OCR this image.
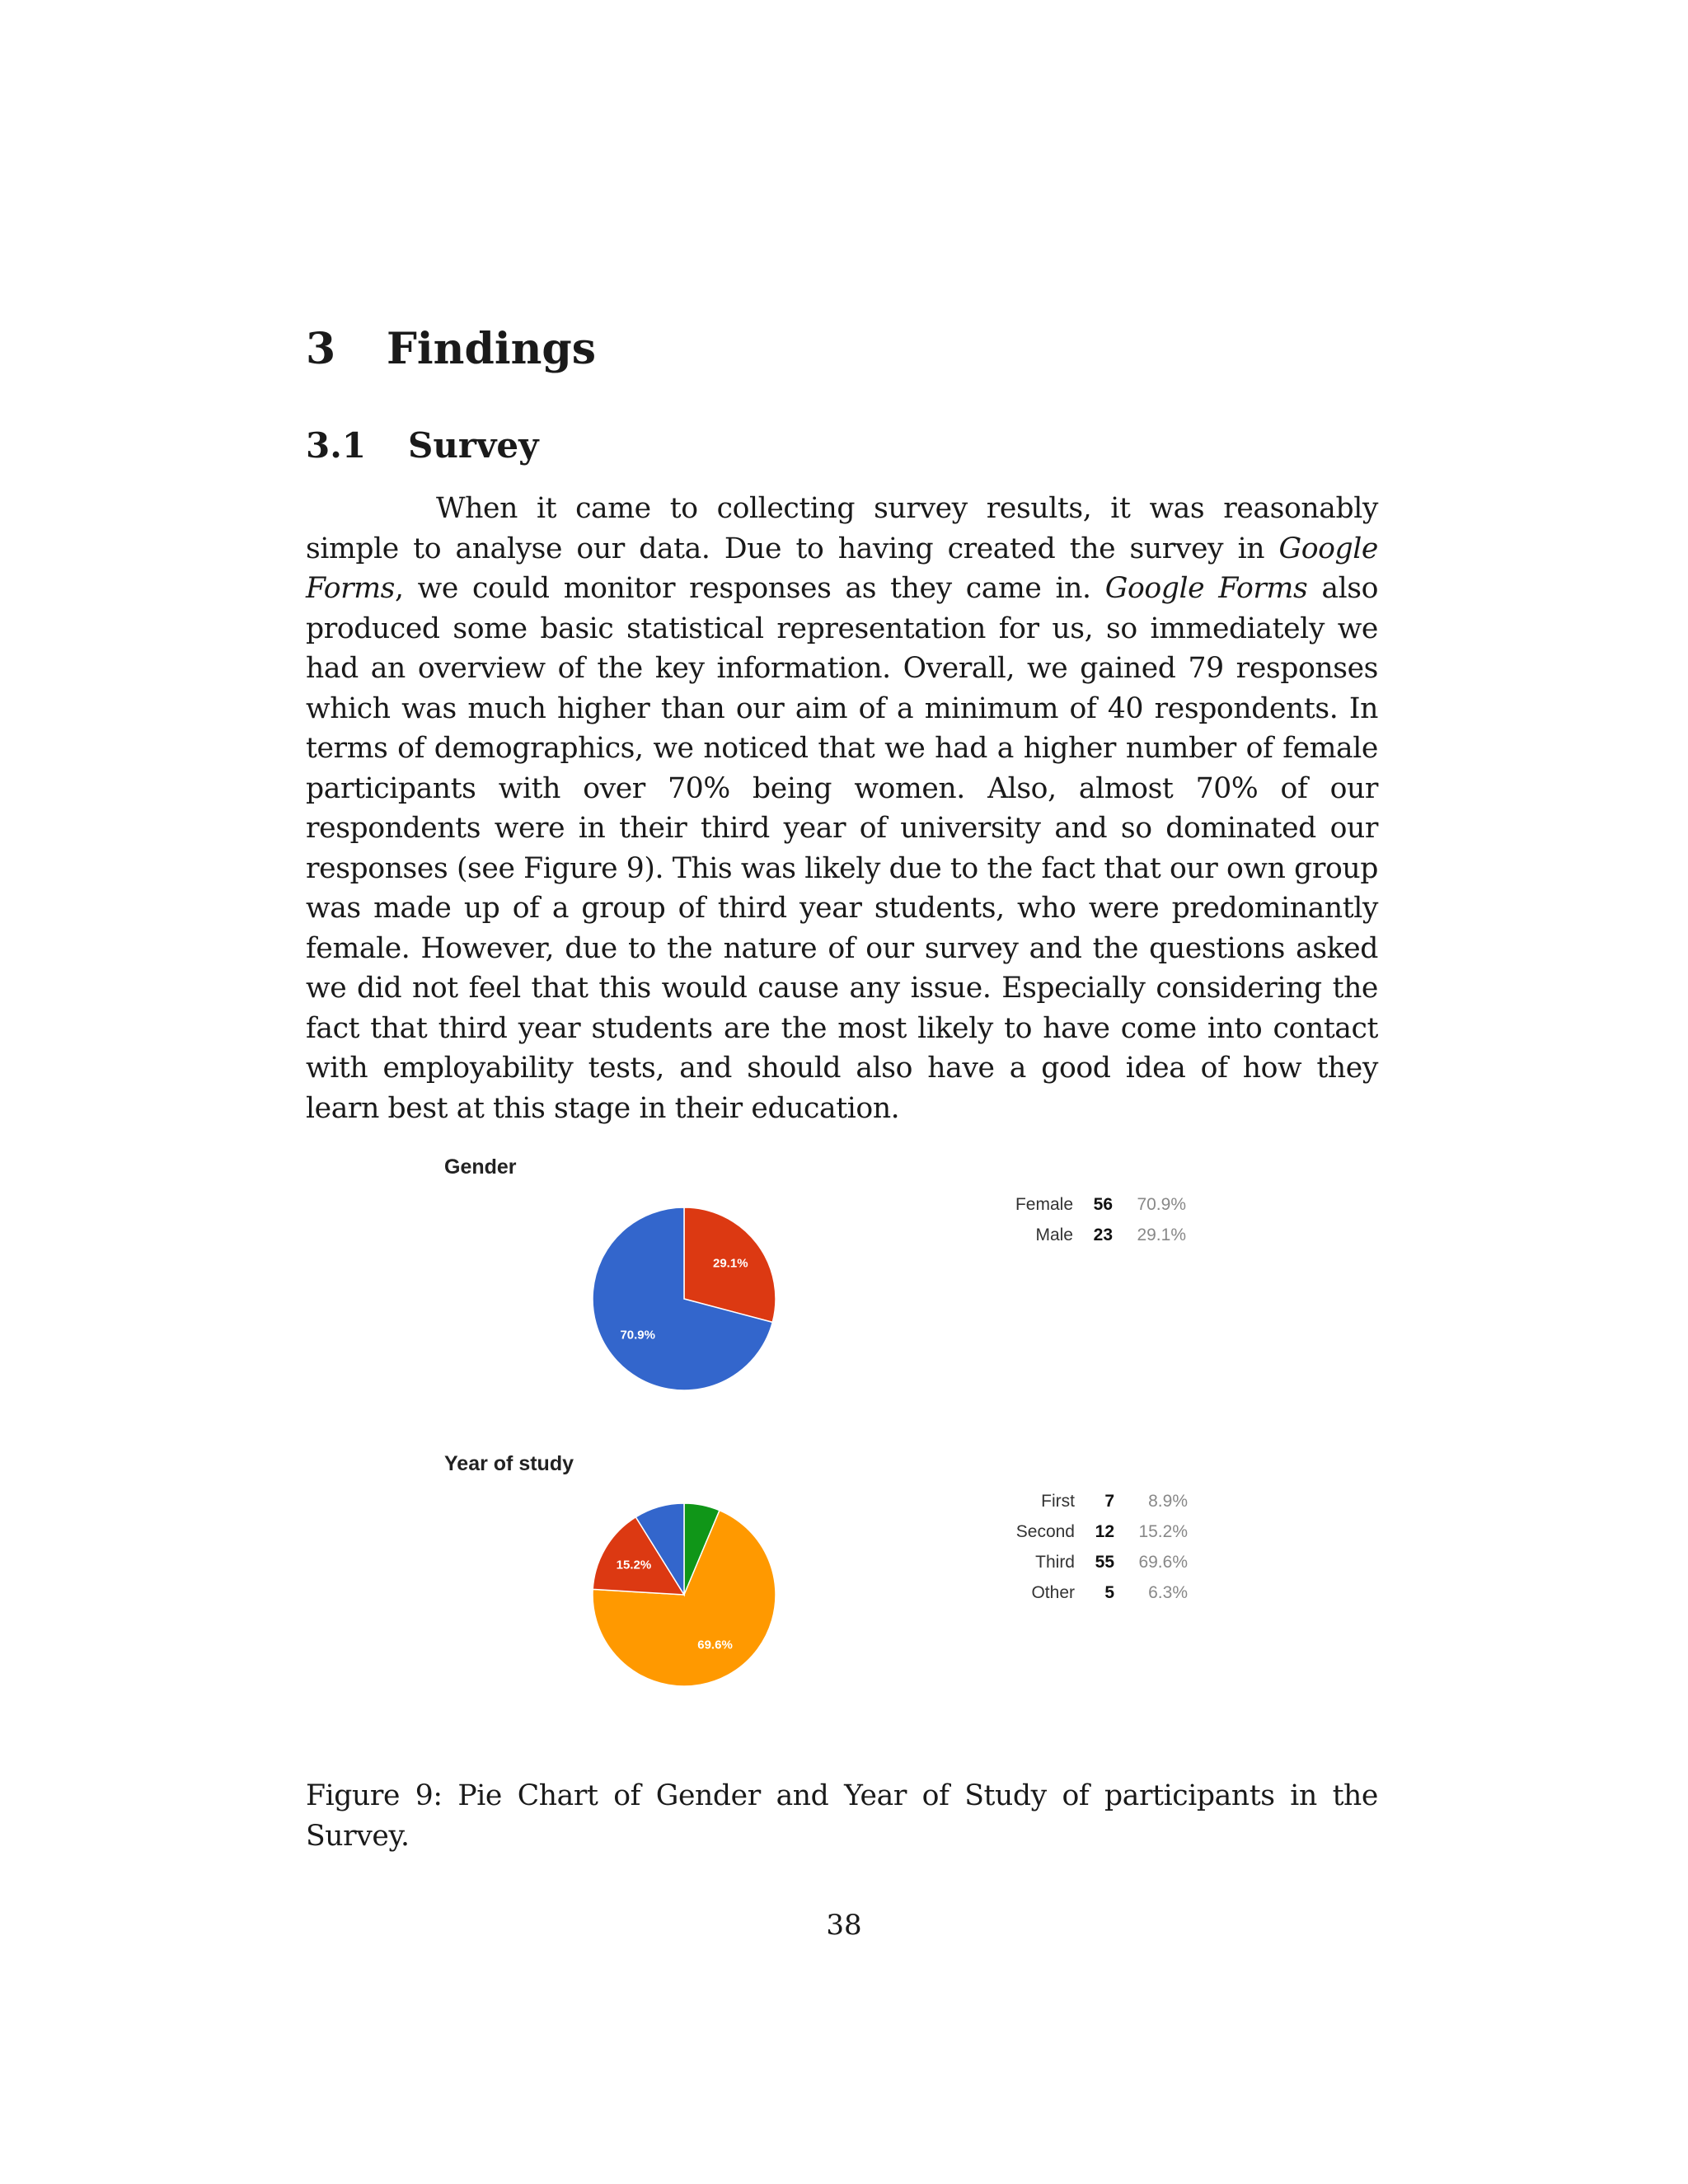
3 Findings
3.1 Survey

When it came to collecting survey results, it was reasonably simple to analyse our data. Due to having created the survey in Google Forms, we could monitor responses as they came in. Google Forms also produced some basic statistical representation for us, so immediately we had an overview of the key information. Overall, we gained 79 responses which was much higher than our aim of a minimum of 40 respondents. In terms of demographics, we noticed that we had a higher number of female participants with over 70% being women. Also, almost 70% of our respondents were in their third year of university and so dominated our responses (see Figure 9). This was likely due to the fact that our own group was made up of a group of third year students, who were predominantly female. However, due to the nature of our survey and the questions asked we did not feel that this would cause any issue. Especially considering the fact that third year students are the most likely to have come into contact with employability tests, and should also have a good idea of how they learn best at this stage in their education.

Gender
29.1%
70.9%
Female	56	70.9%
Male	23	29.1%
Year of study
69.6%
15.2%
First	7	8.9%
Second	12	15.2%
Third	55	69.6%
Other	5	6.3%

Figure 9: Pie Chart of Gender and Year of Study of participants in the Survey.

38
